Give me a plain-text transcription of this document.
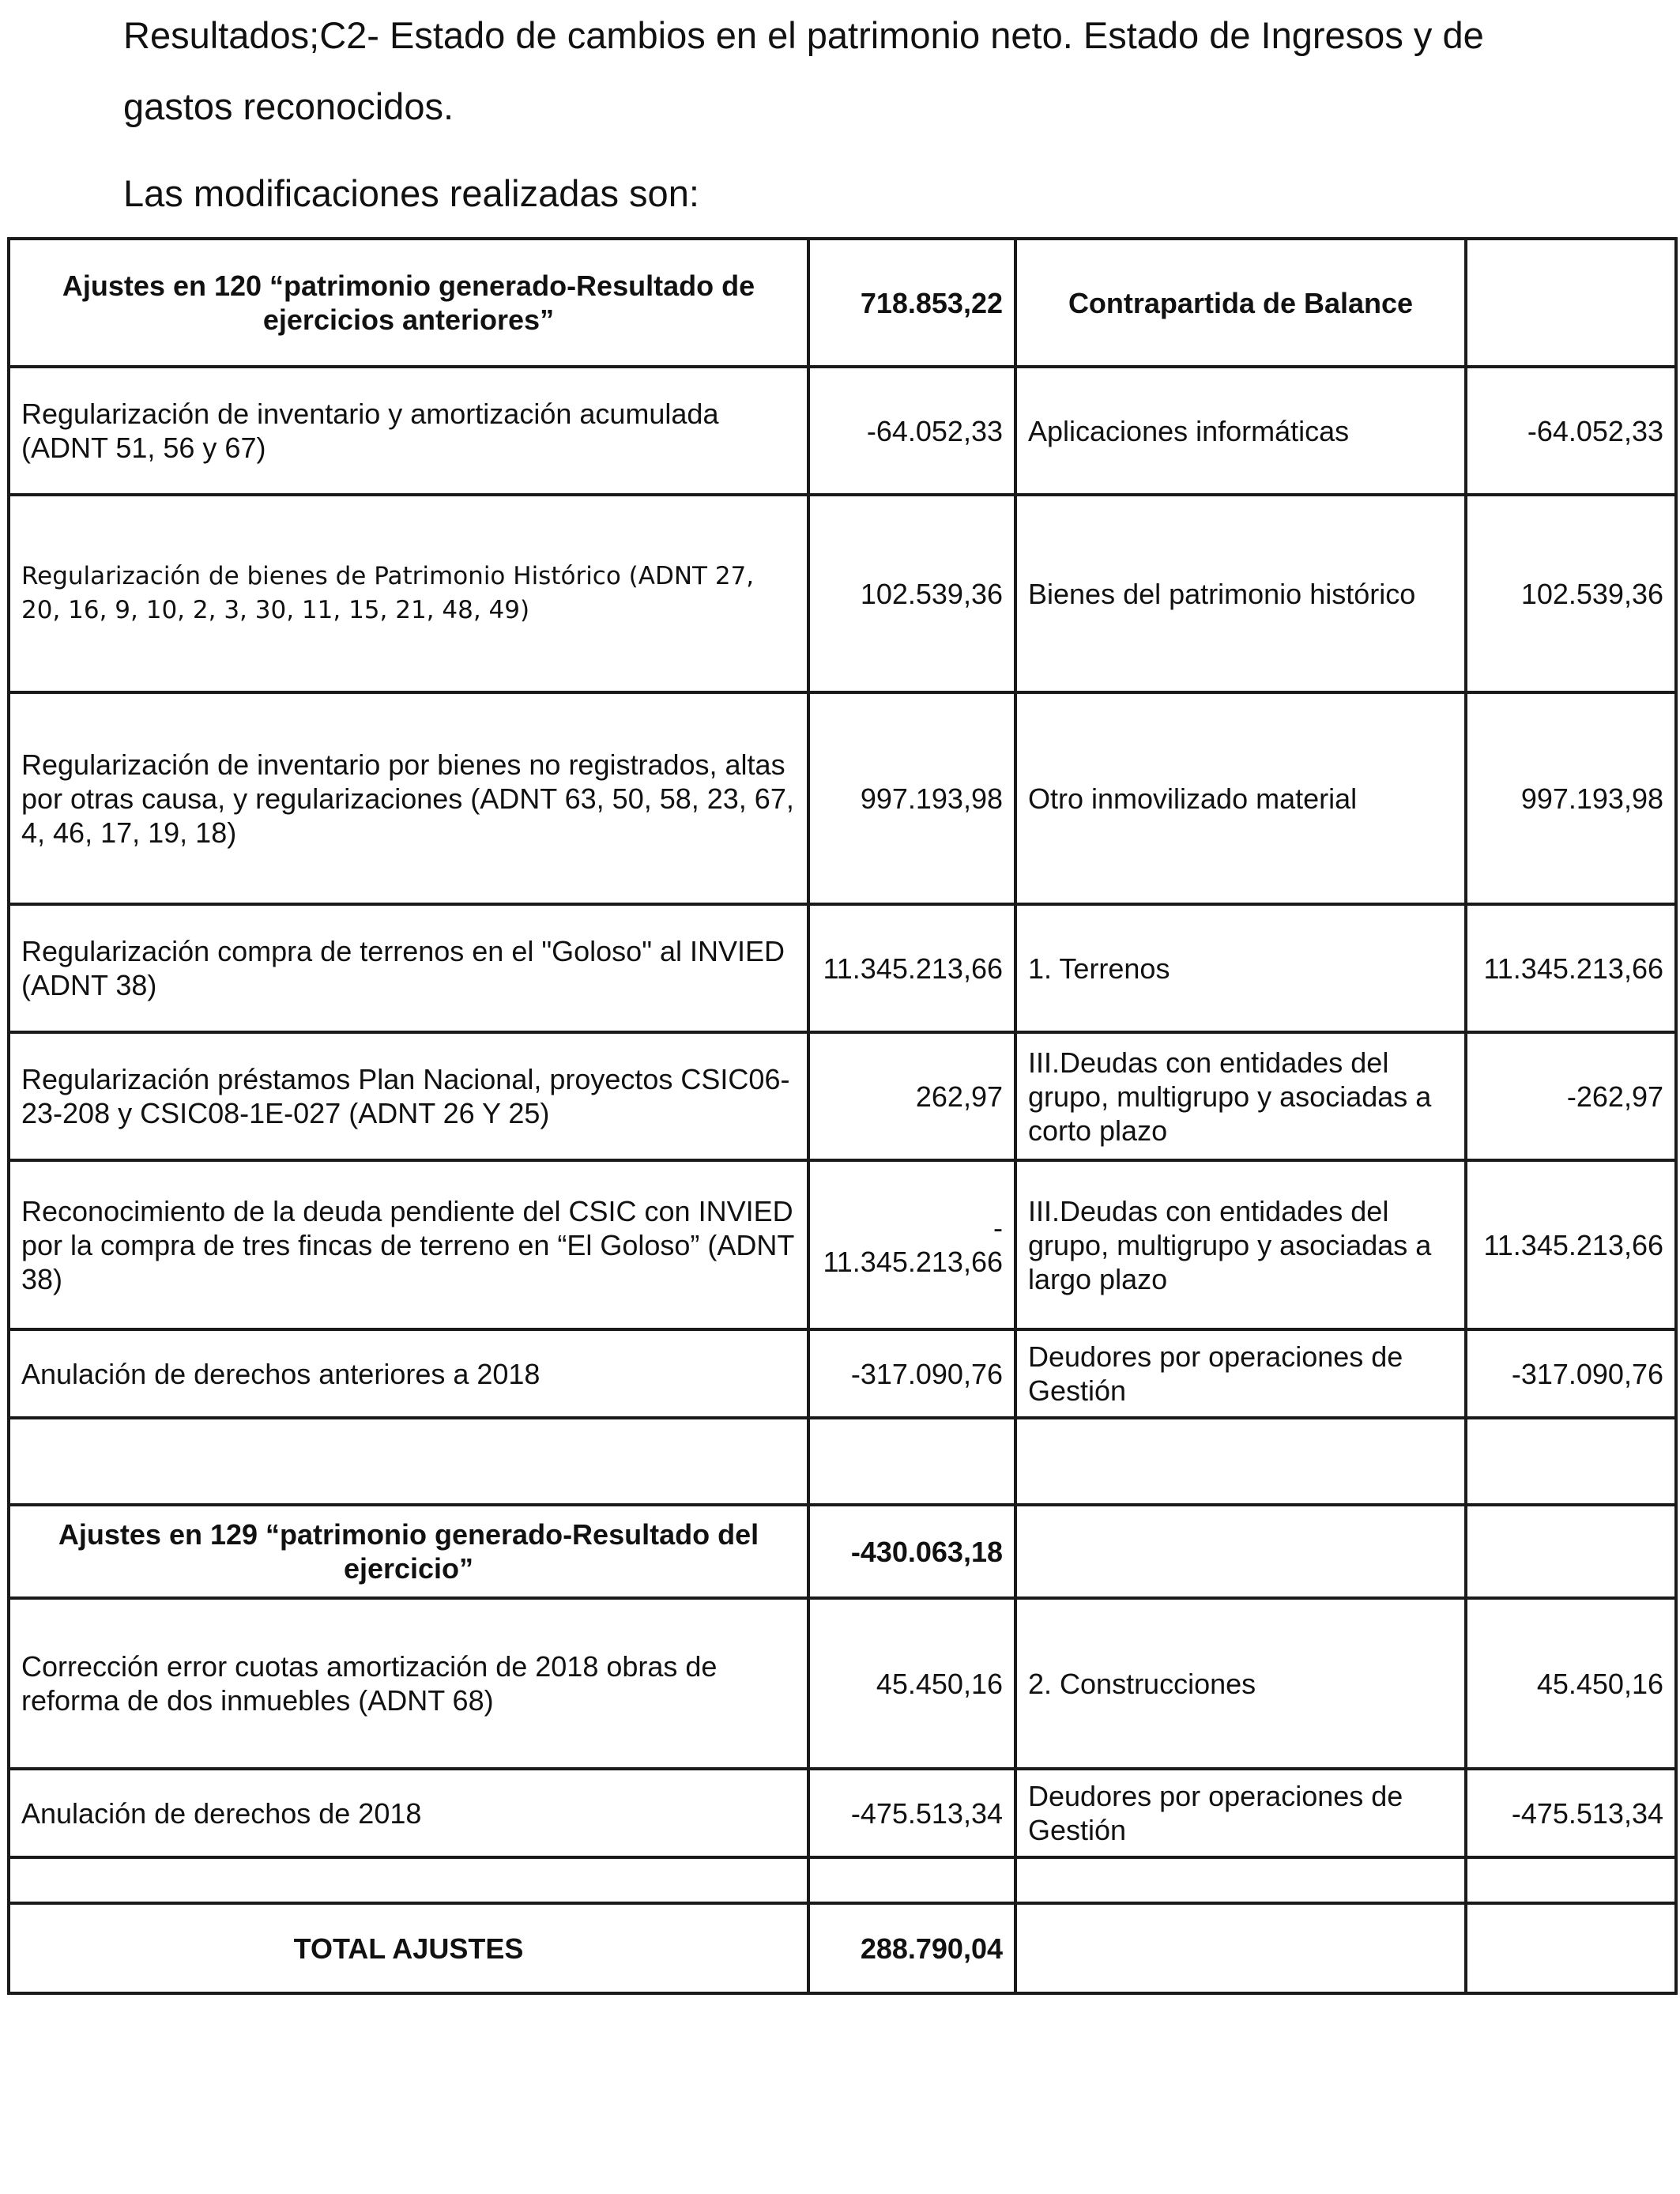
Resultados;C2- Estado de cambios en el patrimonio neto. Estado de Ingresos y de

gastos reconocidos.

Las modificaciones realizadas son:

Ajustes en 120 “patrimonio generado-Resultado de ejercicios anteriores”	718.853,22	Contrapartida de Balance	
Regularización de inventario y amortización acumulada (ADNT 51, 56 y 67)	-64.052,33	Aplicaciones informáticas	-64.052,33
Regularización de bienes de Patrimonio Histórico (ADNT 27, 20, 16, 9, 10, 2, 3, 30, 11, 15, 21, 48, 49)	102.539,36	Bienes del patrimonio histórico	102.539,36
Regularización de inventario por bienes no registrados, altas por otras causa, y regularizaciones (ADNT 63, 50, 58, 23, 67, 4, 46, 17, 19, 18)	997.193,98	Otro inmovilizado material	997.193,98
Regularización compra de terrenos en el "Goloso" al INVIED (ADNT 38)	11.345.213,66	1. Terrenos	11.345.213,66
Regularización préstamos Plan Nacional, proyectos CSIC06-23-208 y CSIC08-1E-027 (ADNT 26 Y 25)	262,97	III.Deudas con entidades del grupo, multigrupo y asociadas a corto plazo	-262,97
Reconocimiento de la deuda pendiente del CSIC con INVIED por la compra de tres fincas de terreno en “El Goloso” (ADNT 38)	-
11.345.213,66	III.Deudas con entidades del grupo, multigrupo y asociadas a largo plazo	11.345.213,66
Anulación de derechos anteriores a 2018	-317.090,76	Deudores por operaciones de Gestión	-317.090,76

Ajustes en 129 “patrimonio generado-Resultado del ejercicio”	-430.063,18		
Corrección error cuotas amortización de 2018 obras de reforma de dos inmuebles (ADNT 68)	45.450,16	2. Construcciones	45.450,16
Anulación de derechos de 2018	-475.513,34	Deudores por operaciones de Gestión	-475.513,34

TOTAL AJUSTES	288.790,04		
